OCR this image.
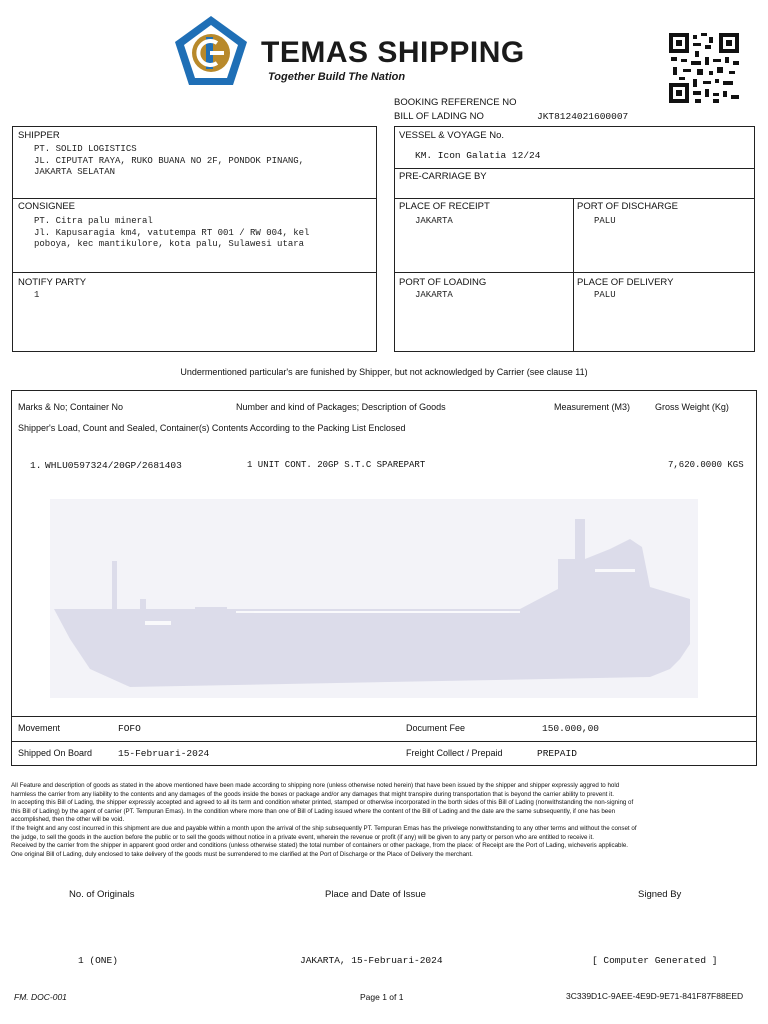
TEMAS SHIPPING
Together Build The Nation
BOOKING REFERENCE NO
BILL OF LADING NO	JKT8124021600007
SHIPPER
PT. SOLID LOGISTICS
JL. CIPUTAT RAYA, RUKO BUANA NO 2F, PONDOK PINANG,
JAKARTA SELATAN
CONSIGNEE
PT. Citra palu mineral
Jl. Kapusaragia km4, vatutempa RT 001 / RW 004, kel
poboya, kec mantikulore, kota palu, Sulawesi utara
NOTIFY PARTY
1
VESSEL & VOYAGE No.
KM. Icon Galatia 12/24
PRE-CARRIAGE BY
PLACE OF RECEIPT
JAKARTA
PORT OF DISCHARGE
PALU
PORT OF LOADING
JAKARTA
PLACE OF DELIVERY
PALU
Undermentioned particular's are funished by Shipper, but not acknowledged by Carrier (see clause 11)
Marks & No; Container No	Number and kind of Packages; Description of Goods	Measurement (M3)	Gross Weight (Kg)
Shipper's Load, Count and Sealed, Container(s) Contents According to the Packing List Enclosed
1. WHLU0597324/20GP/2681403	1 UNIT CONT. 20GP S.T.C SPAREPART	7,620.0000 KGS
Movement	FOFO	Document Fee	150.000,00
Shipped On Board	15-Februari-2024	Freight Collect / Prepaid	PREPAID
All Feature and description of goods as stated in the above mentioned have been made according to shipping nore (unless otherwise noted herein) that have been issued by the shipper and shipper expressly aggred to hold
harmless the carrier from any liability to the contents and any damages of the goods inside the boxes or package and/or any damages that might transpire during transportation that is beyond the carrier ability to prevent it.
In accepting this Bill of Lading, the shipper expressly accepted and agreed to all its term and condition wheter printed, stamped or otherwise incorporated in the borth sides of this Bill of Lading (nonwithstanding the non-signing of
this Bill of Lading) by the agent of carrier (PT. Tempuran Emas). In the condition where more than one of Bill of Lading issued where the content of the Bill of Lading and the date are the same subsequently, if one has been
accomplished, then the other will be void.
If the freight and any cost incurred in this shipment are due and payable within a month upon the arrival of the ship subsequently PT. Tempuran Emas has the privelege nonwithstanding to any other terms and without the conset of
the judge, to sell the goods in the auction before the public or to sell the goods without notice in a private event, wherein the revenue or profit (if any) will be given to any party or person who are entitled to receive it.
Received by the carrier from the shipper in apparent good order and conditions (unless otherwise stated) the total number of containers or other package, from the place: of Receipt are the Port of Lading, wicheveris applicable.
One original Bill of Lading, duly enclosed to take delivery of the goods must be surrendered to me clarified at the Port of Discharge or the Place of Delivery the merchant.
No. of Originals	Place and Date of Issue	Signed By
1 (ONE)	JAKARTA, 15-Februari-2024	[ Computer Generated ]
FM. DOC-001	Page 1 of 1	3C339D1C-9AEE-4E9D-9E71-841F87F88EED
